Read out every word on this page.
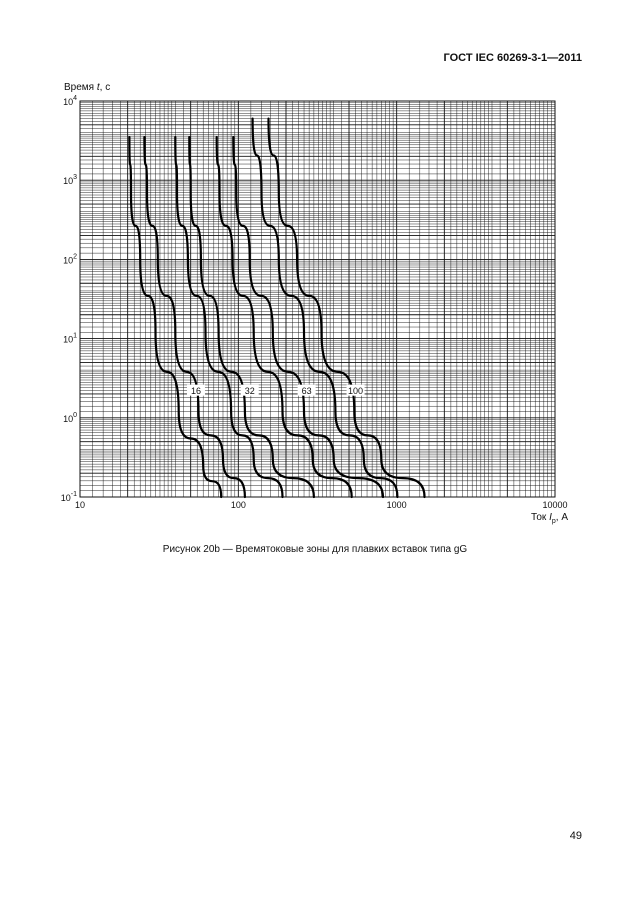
ГОСТ IEC 60269-3-1—2011
16	32	63	100
10	100	1000	10000
$10^{-1}$
$10^0$
$10^1$
$10^2$
$10^3$
$10^4$
Время t, с
Ток $I_p$, А
Рисунок 20b — Времятоковые зоны для плавких вставок типа gG
49
